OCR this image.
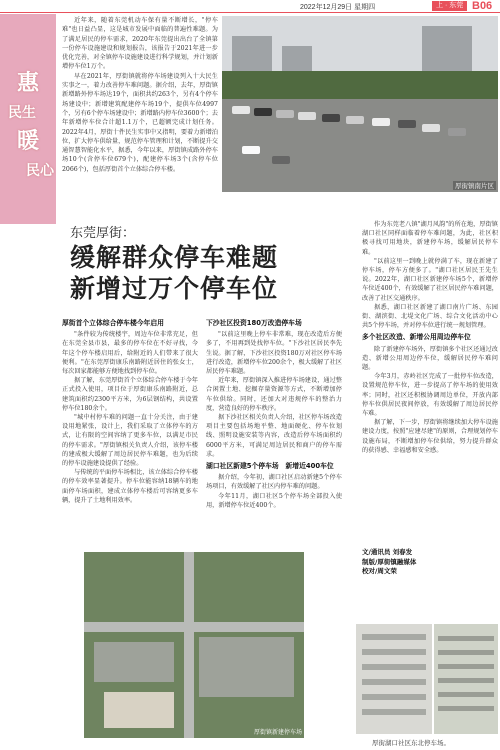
2022年12月29日 星期四	上 · 东莞 B06
惠
民生
暖
民心

近年来，随着东莞机动车保有量不断增长，"停车难"也日益凸显，这是城市发展中面临的普遍性难题。为了满足居民的停车需求，2020年东莞提出出台了全镇第一份停车设施建设和规划报告，该报告于2021年进一步优化完善，对全镇停车设施建设进行科学规划，并计划新增停车位1万个。

早在2021年，厚街镇就将停车场建设列入十大民生实事之一，着力改善停车难问题。据介绍，去年，厚街镇新增路外停车场达19个，面积共约263个，另有4个停车场建设中；新增建筑配建停车场19个，提供车位4997个，另有6个停车场建设中；新增路内停车位3600个；去年新增停车位合计超1.1万个，已超额完成计划任务。2022年4月，厚街十件民生实事中又指明，要着力新增泊位，扩大停车供给量，规范停车管理和计划，不断提升交通智慧智能化水平，据悉，今年以来，厚街镇成路外停车场10个(含停车位679个)，配建停车场3个(含停车位2066个)，包括厚街首个立体综合停车楼。

厚街镇南片区
东莞厚街：
缓解群众停车难题
新增过万个停车位
厚街首个立体综合停车楼今年启用

"条件较为传统楼宇，周边车位非常充足，但在东莞全县市县，最多的停车位在不好寻找，今年这个停车楼启用后，给附近的人们带来了很大便利。"在东莞厚街康乐南路附近居住的张女士，每次回家都能够方便地找到停车位。

据了解，东莞厚街首个立体综合停车楼于今年正式投入使用，项目位于厚街康乐南路附近，总建筑面积约2300平方米，为6层钢结构，共设置停车位180余个。

"城中村停车难的问题一直十分关注，由于建设用地紧张，设计上，我们采取了立体停车的方式，让有限的空间容纳了更多车位，以满足市民的停车需求。"厚街镇相关负责人介绍，该停车楼的建成极大缓解了周边居民停车难题，也为后续的停车设施建设提供了经验。

与传统的平面停车场相比，该立体综合停车楼的停车效率显著提升。停车位能容纳18辆车的地面停车场面积，建成立体停车楼后可容纳更多车辆，提升了土地利用效率。

下沙社区投资180万改造停车场

"以前这里晚上停车非常难，现在改造后方便多了，不用再到处找停车位。"下沙社区居民李先生说。据了解，下沙社区投资180万对社区停车场进行改造，新增停车位200余个，极大缓解了社区居民停车难题。

近年来，厚街镇深入推进停车场建设，通过整合闲置土地、挖掘存量资源等方式，不断增加停车位供给。同时，还加大对违规停车的整治力度，营造良好的停车秩序。

据下沙社区相关负责人介绍，社区停车场改造项目主要包括场地平整、地面硬化、停车位划线、照明设施安装等内容，改造后停车场面积约6000平方米，可满足周边居民和商户的停车需求。

湖口社区新建5个停车场　新增近400车位

据介绍，今年初，湖口社区启动新建5个停车场项目，有效缓解了社区内停车难的问题。

今年11月，湖口社区5个停车场全部投入使用，新增停车位近400个。

作为东莞老八镇"湖月风韵"的所在地，厚街镇湖口社区同样面临着停车难问题，为此，社区积极寻找可用地块，新建停车场，缓解居民停车难。

"以前这里一到晚上就停满了车，现在新建了停车场，停车方便多了。"湖口社区居民王先生说。2022年，湖口社区新建停车场5个，新增停车位近400个，有效缓解了社区居民停车难问题，改善了社区交通秩序。

据悉，湖口社区新建了湖口南片广场、东园街、湖滨街、北堤文化广场、综合文化活动中心共5个停车场，并对停车位进行统一规划管理。

多个社区改造、新增公用周边停车位

除了新建停车场外，厚街镇多个社区还通过改造、新增公用周边停车位，缓解居民停车难问题。

今年3月，赤岭社区完成了一批停车位改造，设置规范停车位，进一步提高了停车场的使用效率；同时，社区还积极协调周边单位，开放内部停车位供居民夜间停放，有效缓解了周边居民停车难。

据了解，下一步，厚街镇将继续加大停车设施建设力度，按照"应建尽建"的原则，合理规划停车设施布局，不断增加停车位供给，努力提升群众的获得感、幸福感和安全感。

文/通讯员 刘春发
制版/厚街镇融媒体
校对/周文荣
厚街镇新建停车场
厚街湖口社区东北停车场。
